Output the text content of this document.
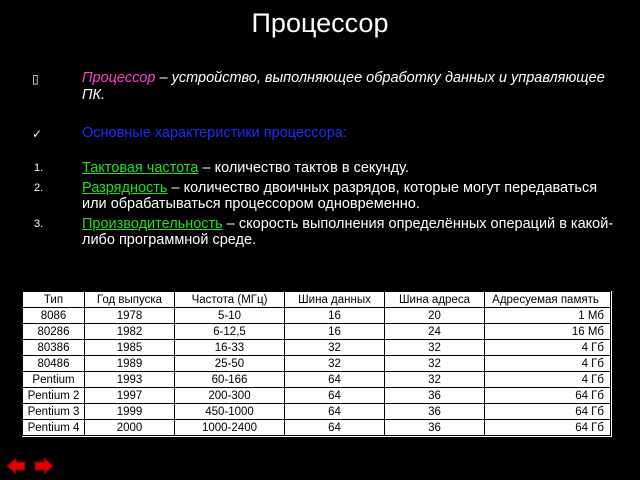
Процессор
▯	Процессор – устройство, выполняющее обработку данных и управляющее ПК.
✓	Основные характеристики процессора:
1.	Тактовая частота – количество тактов в секунду.
2.	Разрядность – количество двоичных разрядов, которые могут передаваться или обрабатываться процессором одновременно.
3.	Производительность – скорость выполнения определённых операций в какой-либо программной среде.
Тип	Год выпуска	Частота (МГц)	Шина данных	Шина адреса	Адресуемая память
8086	1978	5-10	16	20	1 Мб
80286	1982	6-12,5	16	24	16 Мб
80386	1985	16-33	32	32	4 Гб
80486	1989	25-50	32	32	4 Гб
Pentium	1993	60-166	64	32	4 Гб
Pentium 2	1997	200-300	64	36	64 Гб
Pentium 3	1999	450-1000	64	36	64 Гб
Pentium 4	2000	1000-2400	64	36	64 Гб
